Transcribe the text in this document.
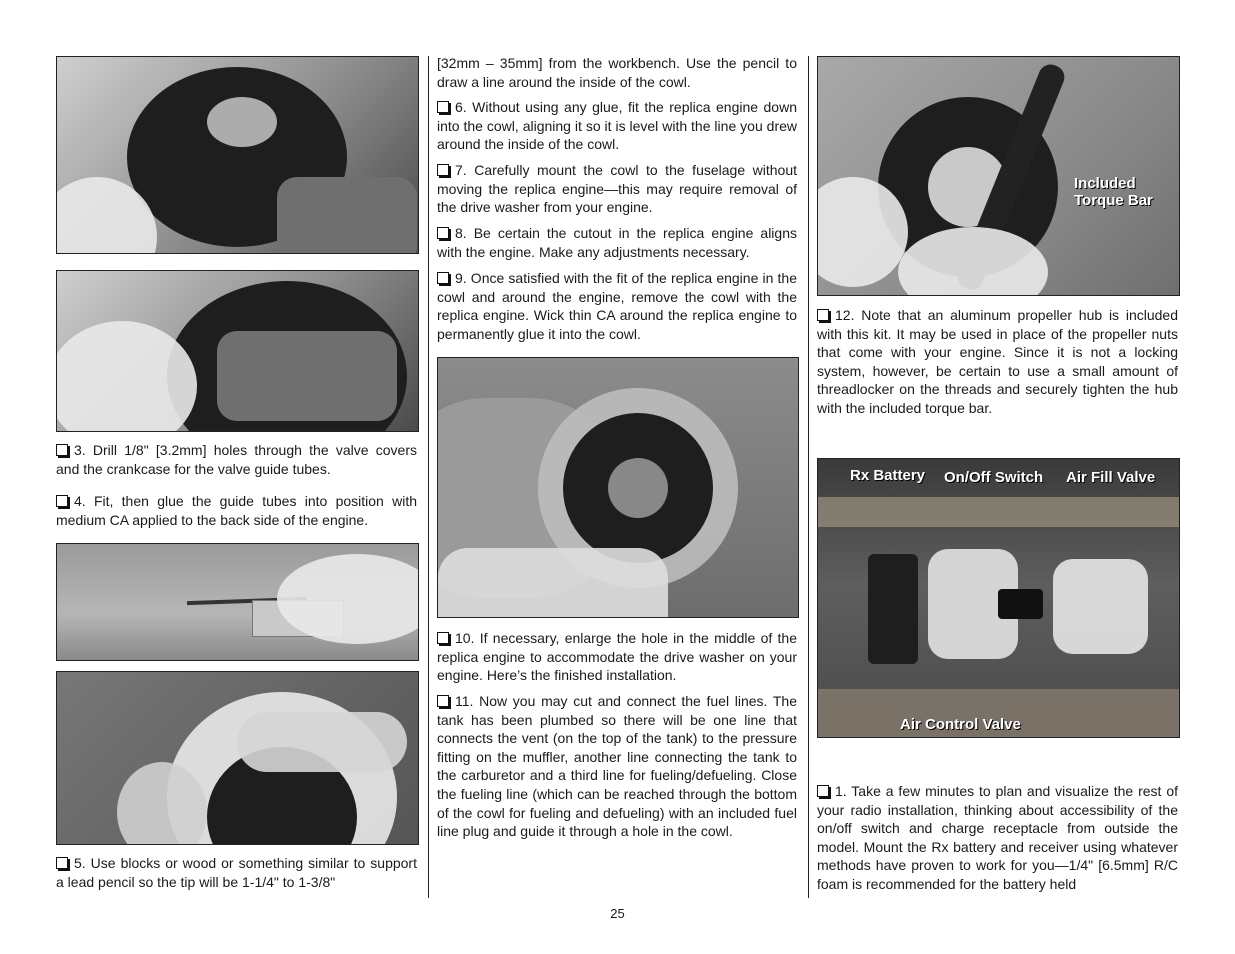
3. Drill 1/8" [3.2mm] holes through the valve covers and the crankcase for the valve guide tubes.

4. Fit, then glue the guide tubes into position with medium CA applied to the back side of the engine.

5. Use blocks or wood or something similar to support a lead pencil so the tip will be 1-1/4" to 1-3/8"

[32mm – 35mm] from the workbench. Use the pencil to draw a line around the inside of the cowl.

6. Without using any glue, fit the replica engine down into the cowl, aligning it so it is level with the line you drew around the inside of the cowl.

7. Carefully mount the cowl to the fuselage without moving the replica engine—this may require removal of the drive washer from your engine.

8. Be certain the cutout in the replica engine aligns with the engine. Make any adjustments necessary.

9. Once satisfied with the fit of the replica engine in the cowl and around the engine, remove the cowl with the replica engine. Wick thin CA around the replica engine to permanently glue it into the cowl.

10. If necessary, enlarge the hole in the middle of the replica engine to accommodate the drive washer on your engine. Here’s the finished installation.

11. Now you may cut and connect the fuel lines. The tank has been plumbed so there will be one line that connects the vent (on the top of the tank) to the pressure fitting on the muffler, another line connecting the tank to the carburetor and a third line for fueling/defueling. Close the fueling line (which can be reached through the bottom of the cowl for fueling and defueling) with an included fuel line plug and guide it through a hole in the cowl.

Included
Torque Bar

12. Note that an aluminum propeller hub is included with this kit. It may be used in place of the propeller nuts that come with your engine. Since it is not a locking system, however, be certain to use a small amount of threadlocker on the threads and securely tighten the hub with the included torque bar.

Rx Battery On/Off Switch Air Fill Valve
Air Control Valve

1. Take a few minutes to plan and visualize the rest of your radio installation, thinking about accessibility of the on/off switch and charge receptacle from outside the model. Mount the Rx battery and receiver using whatever methods have proven to work for you—1/4" [6.5mm] R/C foam is recommended for the battery held

25
